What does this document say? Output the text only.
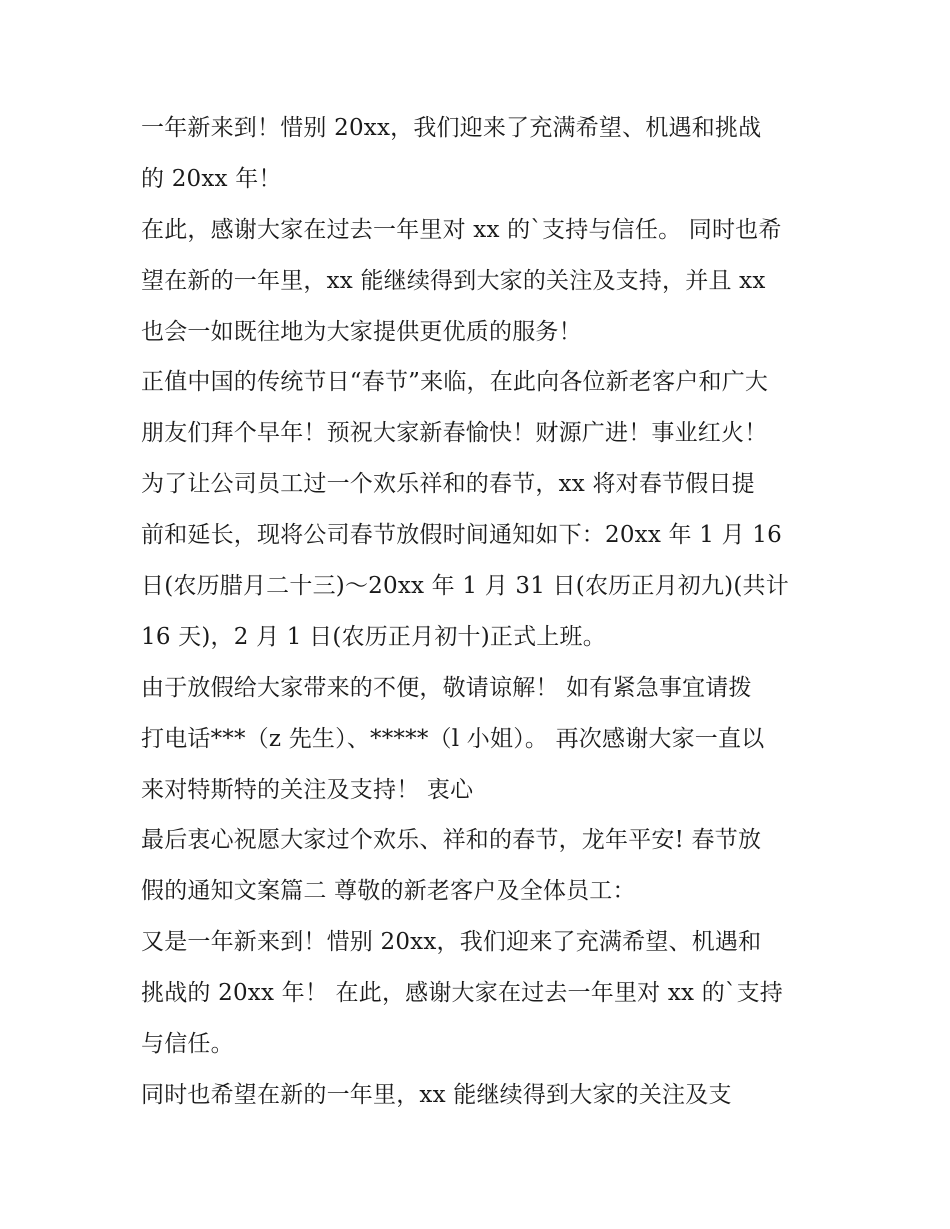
一年新来到！惜别 20xx，我们迎来了充满希望、机遇和挑战
的 20xx 年！
在此，感谢大家在过去一年里对 xx 的`支持与信任。 同时也希
望在新的一年里，xx 能继续得到大家的关注及支持，并且 xx
也会一如既往地为大家提供更优质的服务！
正值中国的传统节日“春节”来临，在此向各位新老客户和广大
朋友们拜个早年！预祝大家新春愉快！财源广进！事业红火！
为了让公司员工过一个欢乐祥和的春节，xx 将对春节假日提
前和延长，现将公司春节放假时间通知如下：20xx 年 1 月 16
日(农历腊月二十三)～20xx 年 1 月 31 日(农历正月初九)(共计
16 天)，2 月 1 日(农历正月初十)正式上班。
由于放假给大家带来的不便，敬请谅解！ 如有紧急事宜请拨
打电话***（z 先生）、*****（l 小姐）。 再次感谢大家一直以
来对特斯特的关注及支持！ 衷心
最后衷心祝愿大家过个欢乐、祥和的春节，龙年平安! 春节放
假的通知文案篇二 尊敬的新老客户及全体员工：
又是一年新来到！惜别 20xx，我们迎来了充满希望、机遇和
挑战的 20xx 年！ 在此，感谢大家在过去一年里对 xx 的`支持
与信任。
同时也希望在新的一年里，xx 能继续得到大家的关注及支
